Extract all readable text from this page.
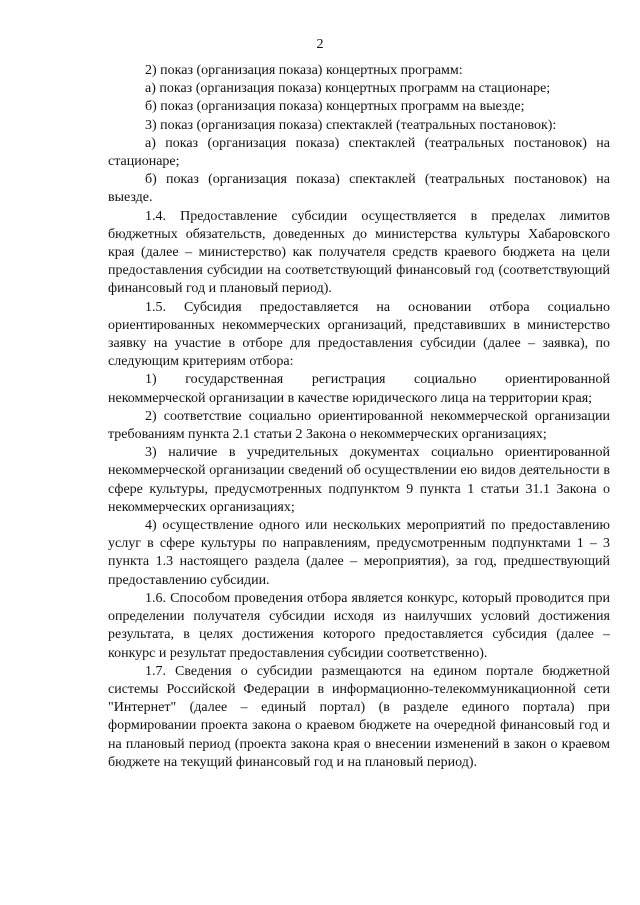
2

2) показ (организация показа) концертных программ:

а) показ (организация показа) концертных программ на стационаре;

б) показ (организация показа) концертных программ на выезде;

3) показ (организация показа) спектаклей (театральных постановок):

а) показ (организация показа) спектаклей (театральных постановок) на стационаре;

б) показ (организация показа) спектаклей (театральных постановок) на выезде.

1.4. Предоставление субсидии осуществляется в пределах лимитов бюджетных обязательств, доведенных до министерства культуры Хабаровского края (далее – министерство) как получателя средств краевого бюджета на цели предоставления субсидии на соответствующий финансовый год (соответствующий финансовый год и плановый период).

1.5. Субсидия предоставляется на основании отбора социально ориентированных некоммерческих организаций, представивших в министерство заявку на участие в отборе для предоставления субсидии (далее – заявка), по следующим критериям отбора:

1) государственная регистрация социально ориентированной некоммерческой организации в качестве юридического лица на территории края;

2) соответствие социально ориентированной некоммерческой организации требованиям пункта 2.1 статьи 2 Закона о некоммерческих организациях;

3) наличие в учредительных документах социально ориентированной некоммерческой организации сведений об осуществлении ею видов деятельности в сфере культуры, предусмотренных подпунктом 9 пункта 1 статьи 31.1 Закона о некоммерческих организациях;

4) осуществление одного или нескольких мероприятий по предоставлению услуг в сфере культуры по направлениям, предусмотренным подпунктами 1 – 3 пункта 1.3 настоящего раздела (далее – мероприятия), за год, предшествующий предоставлению субсидии.

1.6. Способом проведения отбора является конкурс, который проводится при определении получателя субсидии исходя из наилучших условий достижения результата, в целях достижения которого предоставляется субсидия (далее – конкурс и результат предоставления субсидии соответственно).

1.7. Сведения о субсидии размещаются на едином портале бюджетной системы Российской Федерации в информационно-телекоммуникационной сети "Интернет" (далее – единый портал) (в разделе единого портала) при формировании проекта закона о краевом бюджете на очередной финансовый год и на плановый период (проекта закона края о внесении изменений в закон о краевом бюджете на текущий финансовый год и на плановый период).
